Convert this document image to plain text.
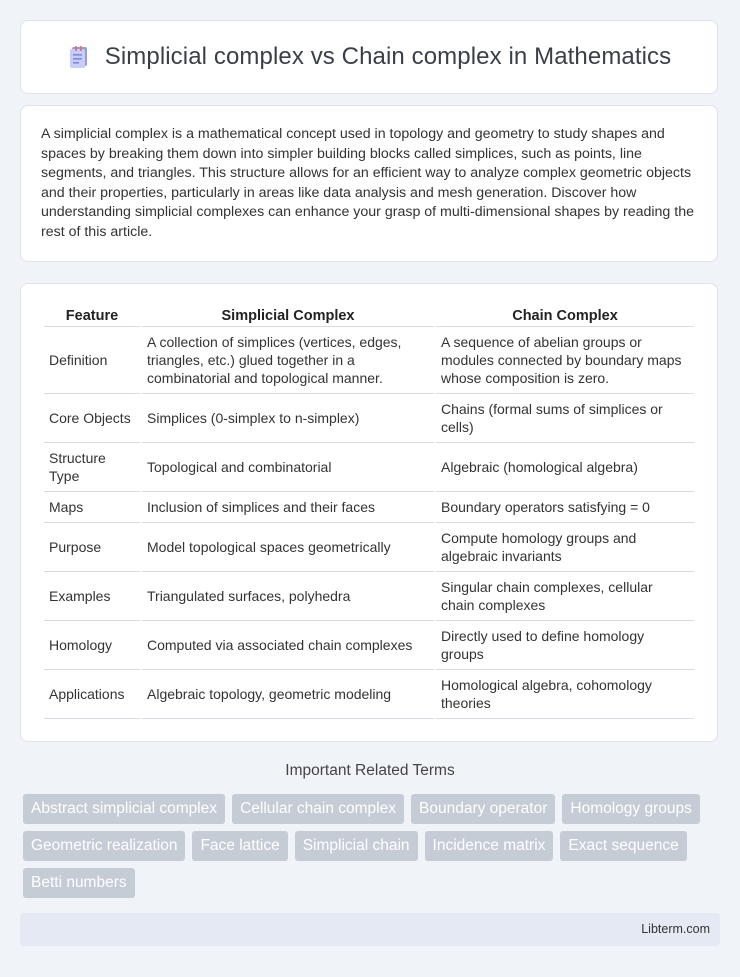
Simplicial complex vs Chain complex in Mathematics

A simplicial complex is a mathematical concept used in topology and geometry to study shapes and spaces by breaking them down into simpler building blocks called simplices, such as points, line segments, and triangles. This structure allows for an efficient way to analyze complex geometric objects and their properties, particularly in areas like data analysis and mesh generation. Discover how understanding simplicial complexes can enhance your grasp of multi-dimensional shapes by reading the rest of this article.

Feature	Simplicial Complex	Chain Complex
Definition	A collection of simplices (vertices, edges, triangles, etc.) glued together in a combinatorial and topological manner.	A sequence of abelian groups or modules connected by boundary maps whose composition is zero.
Core Objects	Simplices (0-simplex to n-simplex)	Chains (formal sums of simplices or cells)
Structure Type	Topological and combinatorial	Algebraic (homological algebra)
Maps	Inclusion of simplices and their faces	Boundary operators satisfying = 0
Purpose	Model topological spaces geometrically	Compute homology groups and algebraic invariants
Examples	Triangulated surfaces, polyhedra	Singular chain complexes, cellular chain complexes
Homology	Computed via associated chain complexes	Directly used to define homology groups
Applications	Algebraic topology, geometric modeling	Homological algebra, cohomology theories
Important Related Terms
Abstract simplicial complex	Cellular chain complex	Boundary operator	Homology groups
Geometric realization	Face lattice	Simplicial chain	Incidence matrix	Exact sequence
Betti numbers
Libterm.com
